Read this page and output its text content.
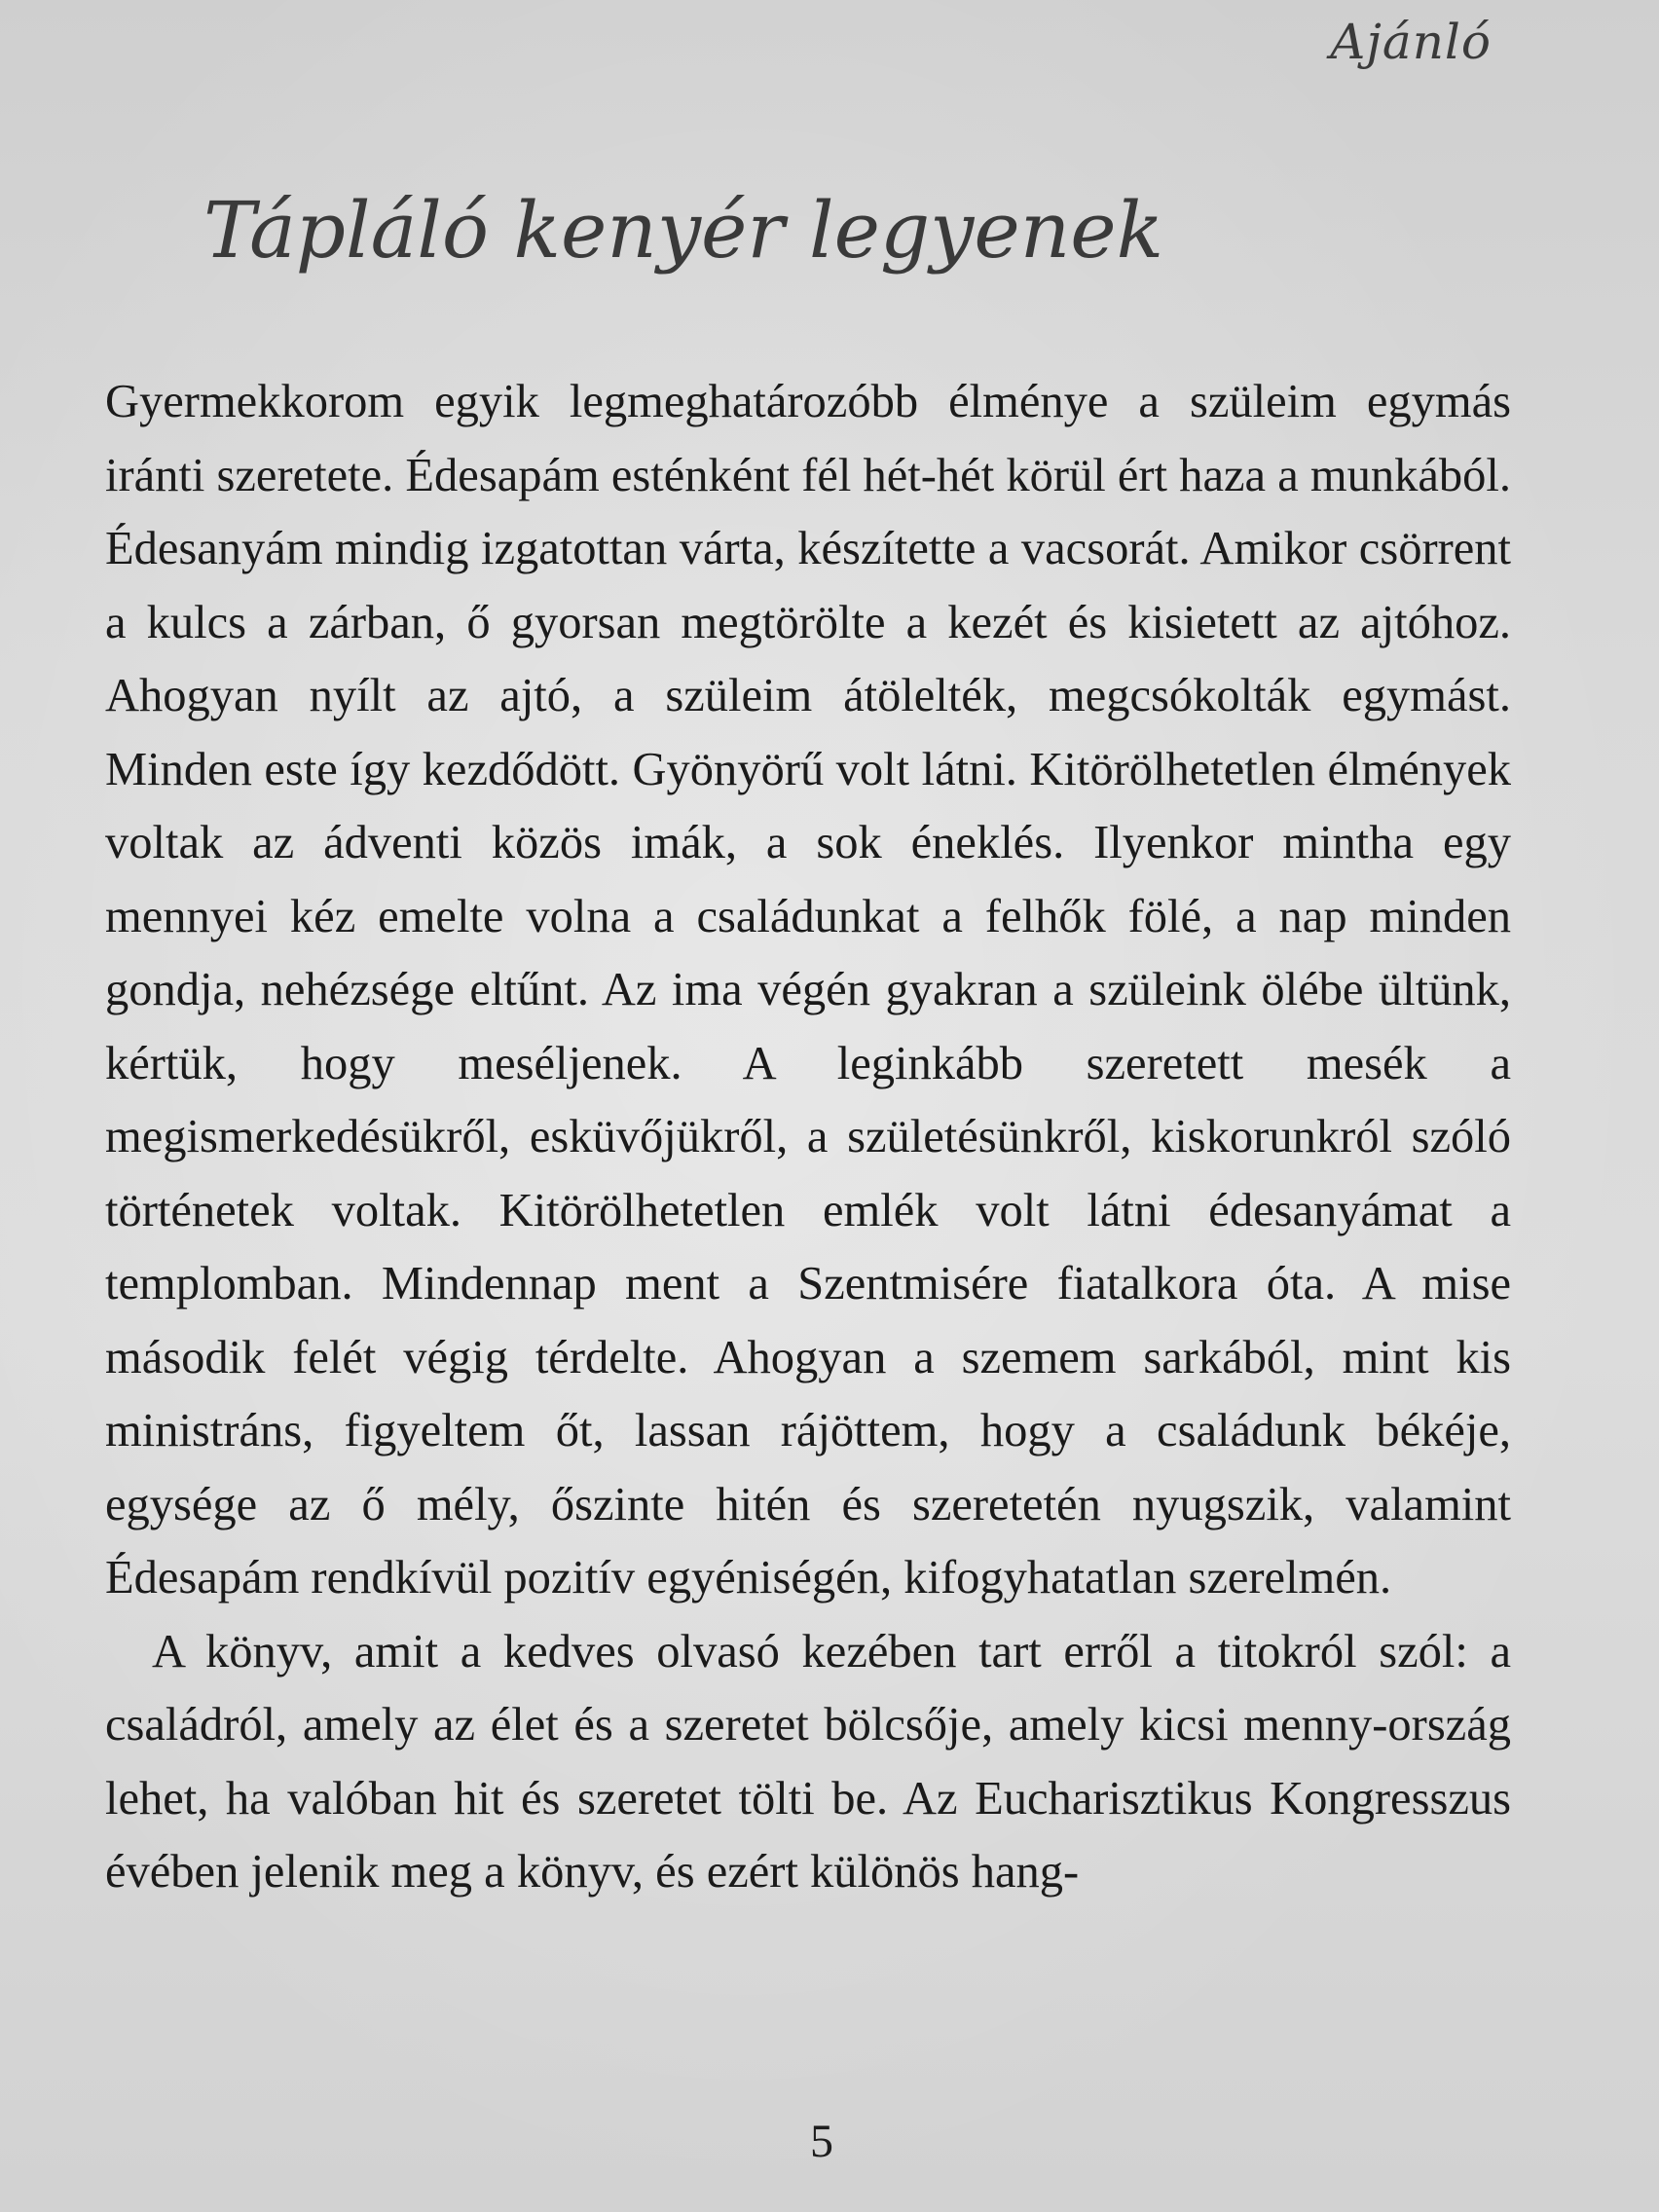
Ajánló
Tápláló kenyér legyenek

Gyermekkorom egyik legmeghatározóbb élménye a szüleim egymás iránti szeretete. Édesapám esténként fél hét-hét körül ért haza a munkából. Édesanyám mindig izgatottan várta, készítette a vacsorát. Amikor csörrent a kulcs a zárban, ő gyorsan megtörölte a kezét és kisietett az ajtóhoz. Ahogyan nyílt az ajtó, a szüleim átölelték, megcsókolták egymást. Minden este így kezdődött. Gyönyörű volt látni. Kitörölhetetlen élmények voltak az ádventi közös imák, a sok éneklés. Ilyenkor mintha egy mennyei kéz emelte volna a családunkat a felhők fölé, a nap minden gondja, nehézsége eltűnt. Az ima végén gyakran a szüleink ölébe ültünk, kértük, hogy meséljenek. A leginkább szeretett mesék a megismerkedésükről, esküvőjükről, a születésünkről, kiskorunkról szóló történetek voltak. Kitörölhetetlen emlék volt látni édesanyámat a templomban. Mindennap ment a Szentmisére fiatalkora óta. A mise második felét végig térdelte. Ahogyan a szemem sarkából, mint kis ministráns, figyeltem őt, lassan rájöttem, hogy a családunk békéje, egysége az ő mély, őszinte hitén és szeretetén nyugszik, valamint Édesapám rendkívül pozitív egyéniségén, kifogyhatatlan szerelmén.

A könyv, amit a kedves olvasó kezében tart erről a titokról szól: a családról, amely az élet és a szeretet bölcsője, amely kicsi menny-ország lehet, ha valóban hit és szeretet tölti be. Az Eucharisztikus Kongresszus évében jelenik meg a könyv, és ezért különös hang-

5
